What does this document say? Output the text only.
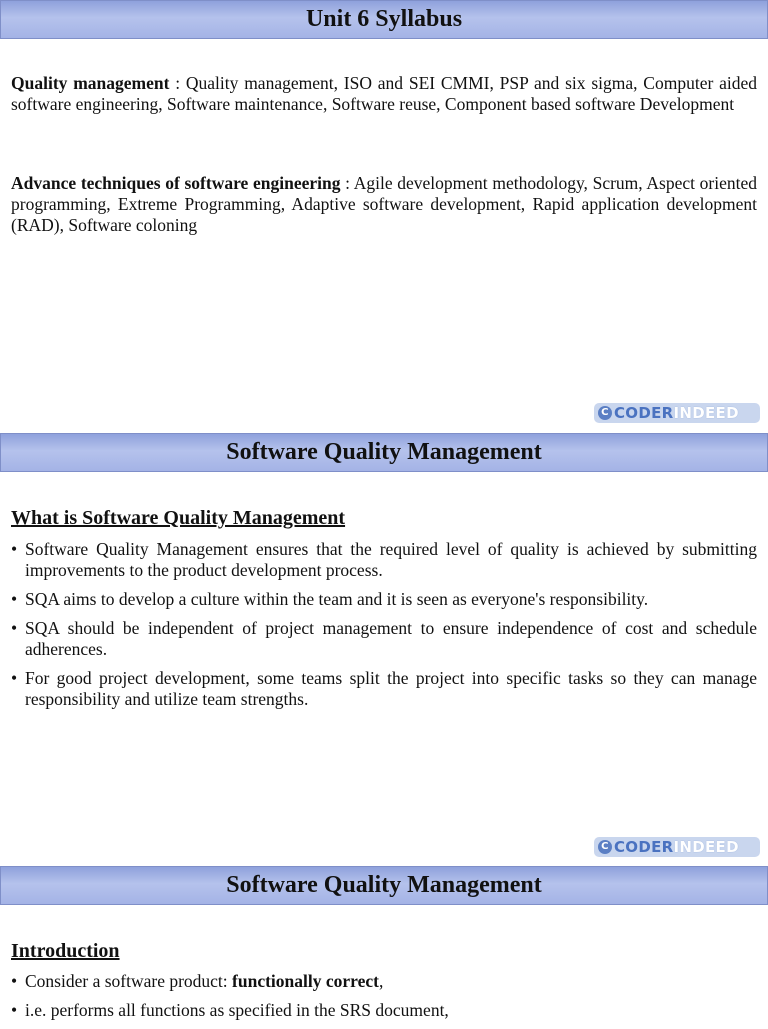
Unit 6 Syllabus

Quality management : Quality management, ISO and SEI CMMI, PSP and six sigma, Computer aided software engineering, Software maintenance, Software reuse, Component based software Development

Advance techniques of software engineering : Agile development methodology, Scrum, Aspect oriented programming, Extreme Programming, Adaptive software development, Rapid application development (RAD), Software coloning

C CODER INDEED
Software Quality Management
What is Software Quality Management
• Software Quality Management ensures that the required level of quality is achieved by submitting improvements to the product development process.
• SQA aims to develop a culture within the team and it is seen as everyone's responsibility.
• SQA should be independent of project management to ensure independence of cost and schedule adherences.
• For good project development, some teams split the project into specific tasks so they can manage responsibility and utilize team strengths.
C CODER INDEED
Software Quality Management
Introduction
• Consider a software product: functionally correct,
• i.e. performs all functions as specified in the SRS document,
